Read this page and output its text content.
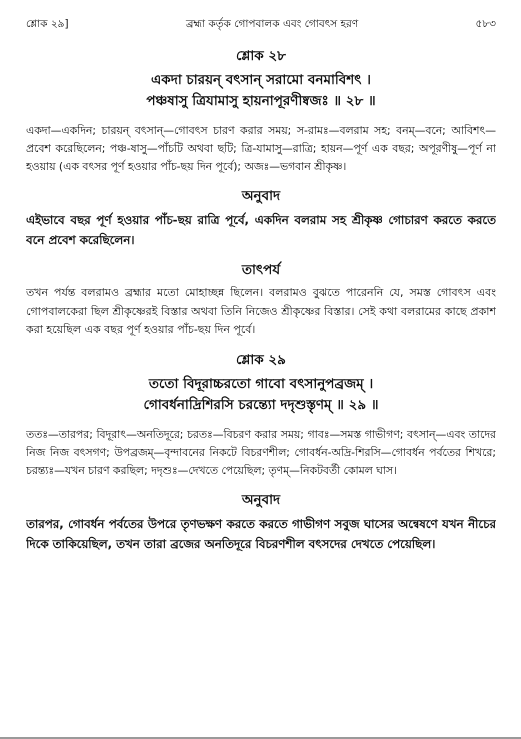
শ্লোক ২৯]	ব্রহ্মা কর্তৃক গোপবালক এবং গোবৎস হরণ	৫৮৩
শ্লোক ২৮
একদা চারয়ন্‌ বৎসান্‌ সরামো বনমাবিশৎ ।
পঞ্চষাসু ত্রিযামাসু হায়নাপূরণীষ্বজঃ ॥ ২৮ ॥
একদা—একদিন; চারয়ন্‌ বৎসান্‌—গোবৎস চারণ করার সময়; স-রামঃ—বলরাম সহ; বনম্‌—বনে; আবিশৎ—প্রবেশ করেছিলেন; পঞ্চ-ষাসু—পাঁচটি অথবা ছটি; ত্রি-যামাসু—রাত্রি; হায়ন—পূর্ণ এক বছর; অপূরণীষু—পূর্ণ না হওয়ায় (এক বৎসর পূর্ণ হওয়ার পাঁচ-ছয় দিন পূর্বে); অজঃ—ভগবান শ্রীকৃষ্ণ।
অনুবাদ
এইভাবে বছর পূর্ণ হওয়ার পাঁচ-ছয় রাত্রি পূর্বে, একদিন বলরাম সহ শ্রীকৃষ্ণ গোচারণ করতে করতে বনে প্রবেশ করেছিলেন।
তাৎপর্য
তখন পর্যন্ত বলরামও ব্রহ্মার মতো মোহাচ্ছন্ন ছিলেন। বলরামও বুঝতে পারেননি যে, সমস্ত গোবৎস এবং গোপবালকেরা ছিল শ্রীকৃষ্ণেরই বিস্তার অথবা তিনি নিজেও শ্রীকৃষ্ণের বিস্তার। সেই কথা বলরামের কাছে প্রকাশ করা হয়েছিল এক বছর পূর্ণ হওয়ার পাঁচ-ছয় দিন পূর্বে।
শ্লোক ২৯
ততো বিদূরাচ্চরতো গাবো বৎসানুপব্রজম্‌ ।
গোবর্ধনাদ্রিশিরসি চরন্ত্যো দদৃশুস্তৃণম্‌ ॥ ২৯ ॥
ততঃ—তারপর; বিদূরাৎ—অনতিদূরে; চরতঃ—বিচরণ করার সময়; গাবঃ—সমস্ত গাভীগণ; বৎসান্‌—এবং তাদের নিজ নিজ বৎসগণ; উপব্রজম্‌—বৃন্দাবনের নিকটে বিচরণশীল; গোবর্ধন-অদ্রি-শিরসি—গোবর্ধন পর্বতের শিখরে; চরন্ত্যঃ—যখন চারণ করছিল; দদৃশুঃ—দেখতে পেয়েছিল; তৃণম্‌—নিকটবর্তী কোমল ঘাস।
অনুবাদ
তারপর, গোবর্ধন পর্বতের উপরে তৃণভক্ষণ করতে করতে গাভীগণ সবুজ ঘাসের অন্বেষণে যখন নীচের দিকে তাকিয়েছিল, তখন তারা ব্রজের অনতিদূরে বিচরণশীল বৎসদের দেখতে পেয়েছিল।
